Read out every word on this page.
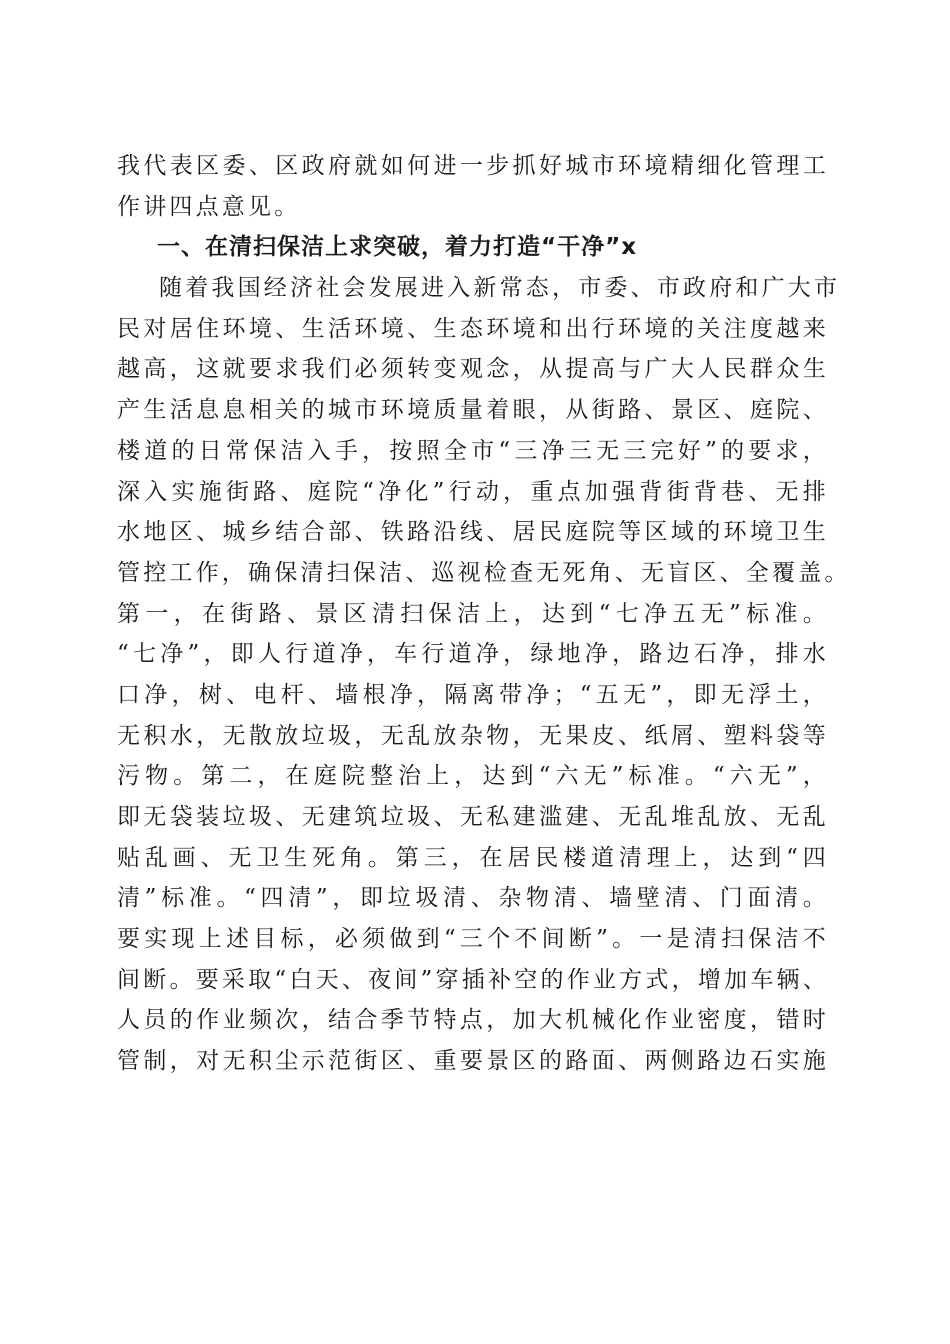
我代表区委、区政府就如何进一步抓好城市环境精细化管理工
作讲四点意见。
一、在清扫保洁上求突破，着力打造“干净”x
随着我国经济社会发展进入新常态，市委、市政府和广大市
民对居住环境、生活环境、生态环境和出行环境的关注度越来
越高，这就要求我们必须转变观念，从提高与广大人民群众生
产生活息息相关的城市环境质量着眼，从街路、景区、庭院、
楼道的日常保洁入手，按照全市“三净三无三完好”的要求，
深入实施街路、庭院“净化”行动，重点加强背街背巷、无排
水地区、城乡结合部、铁路沿线、居民庭院等区域的环境卫生
管控工作，确保清扫保洁、巡视检查无死角、无盲区、全覆盖。
第一，在街路、景区清扫保洁上，达到“七净五无”标准。
“七净”，即人行道净，车行道净，绿地净，路边石净，排水
口净，树、电杆、墙根净，隔离带净；“五无”，即无浮土，
无积水，无散放垃圾，无乱放杂物，无果皮、纸屑、塑料袋等
污物。第二，在庭院整治上，达到“六无”标准。“六无”，
即无袋装垃圾、无建筑垃圾、无私建滥建、无乱堆乱放、无乱
贴乱画、无卫生死角。第三，在居民楼道清理上，达到“四
清”标准。“四清”，即垃圾清、杂物清、墙壁清、门面清。
要实现上述目标，必须做到“三个不间断”。一是清扫保洁不
间断。要采取“白天、夜间”穿插补空的作业方式，增加车辆、
人员的作业频次，结合季节特点，加大机械化作业密度，错时
管制，对无积尘示范街区、重要景区的路面、两侧路边石实施
